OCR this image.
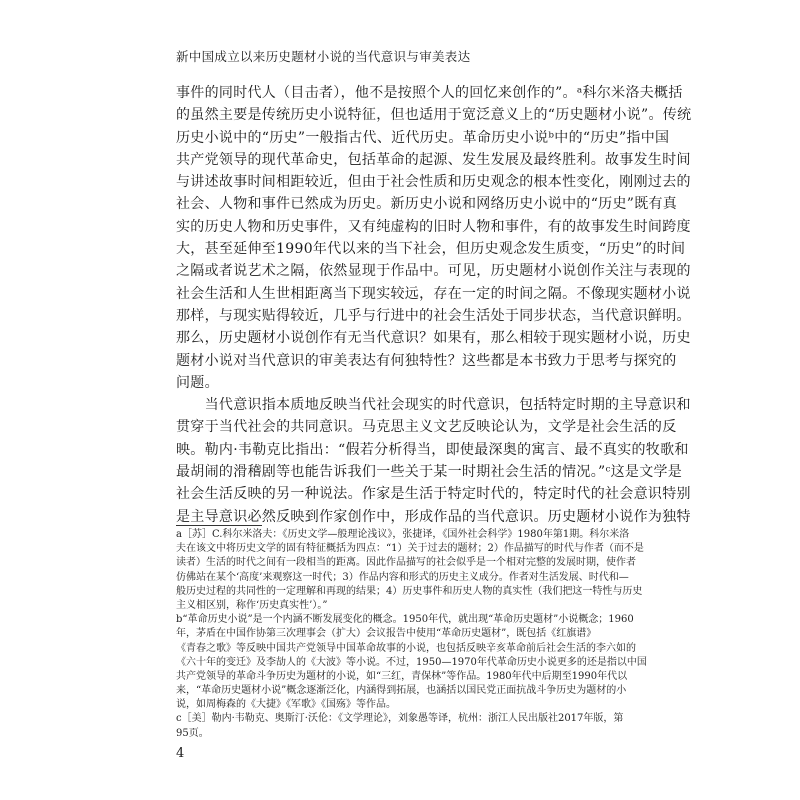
新中国成立以来历史题材小说的当代意识与审美表达
事件的同时代人（目击者），他不是按照个人的回忆来创作的”。ᵃ科尔米洛夫概括
的虽然主要是传统历史小说特征，但也适用于宽泛意义上的“历史题材小说”。传统
历史小说中的“历史”一般指古代、近代历史。革命历史小说ᵇ中的“历史”指中国
共产党领导的现代革命史，包括革命的起源、发生发展及最终胜利。故事发生时间
与讲述故事时间相距较近，但由于社会性质和历史观念的根本性变化，刚刚过去的
社会、人物和事件已然成为历史。新历史小说和网络历史小说中的“历史”既有真
实的历史人物和历史事件，又有纯虚构的旧时人物和事件，有的故事发生时间跨度
大，甚至延伸至1990年代以来的当下社会，但历史观念发生质变，“历史”的时间
之隔或者说艺术之隔，依然显现于作品中。可见，历史题材小说创作关注与表现的
社会生活和人生世相距离当下现实较远，存在一定的时间之隔。不像现实题材小说
那样，与现实贴得较近，几乎与行进中的社会生活处于同步状态，当代意识鲜明。
那么，历史题材小说创作有无当代意识？如果有，那么相较于现实题材小说，历史
题材小说对当代意识的审美表达有何独特性？这些都是本书致力于思考与探究的
问题。
　　当代意识指本质地反映当代社会现实的时代意识，包括特定时期的主导意识和
贯穿于当代社会的共同意识。马克思主义文艺反映论认为，文学是社会生活的反
映。勒内·韦勒克比指出：“假若分析得当，即使最深奥的寓言、最不真实的牧歌和
最胡闹的滑稽剧等也能告诉我们一些关于某一时期社会生活的情况。”ᶜ这是文学是
社会生活反映的另一种说法。作家是生活于特定时代的，特定时代的社会意识特别
是主导意识必然反映到作家创作中，形成作品的当代意识。历史题材小说作为独特
a［苏］C.科尔米洛夫：《历史文学—般理论浅议》，张捷译，《国外社会科学》1980年第1期。科尔米洛
夫在该文中将历史文学的固有特征概括为四点：“1）关于过去的题材；2）作品描写的时代与作者（而不是
读者）生活的时代之间有一段相当的距离。因此作品描写的社会似乎是一个相对完整的发展时期，使作者
仿佛站在某个‘高度’来观察这一时代；3）作品内容和形式的历史主义成分。作者对生活发展、时代和—
般历史过程的共同性的一定理解和再现的结果；4）历史事件和历史人物的真实性（我们把这一特性与历史
主义相区别，称作‘历史真实性’）。”
b“革命历史小说”是一个内涵不断发展变化的概念。1950年代，就出现“革命历史题材”小说概念；1960
年，茅盾在中国作协第三次理事会（扩大）会议报告中使用“革命历史题材”，既包括《红旗谱》
《青春之歌》等反映中国共产党领导中国革命故事的小说，也包括反映辛亥革命前后社会生活的李六如的
《六十年的变迁》及李劼人的《大波》等小说。不过，1950—1970年代革命历史小说更多的还是指以中国
共产党领导的革命斗争历史为题材的小说，如“三红，青保林”等作品。1980年代中后期至1990年代以
来，“革命历史题材小说”概念逐渐泛化，内涵得到拓展，也涵括以国民党正面抗战斗争历史为题材的小
说，如周梅森的《大捷》《军歌》《国殇》等作品。
c［美］勒内·韦勒克、奥斯汀·沃伦：《文学理论》，刘象愚等译，杭州：浙江人民出版社2017年版，第
95页。
4
